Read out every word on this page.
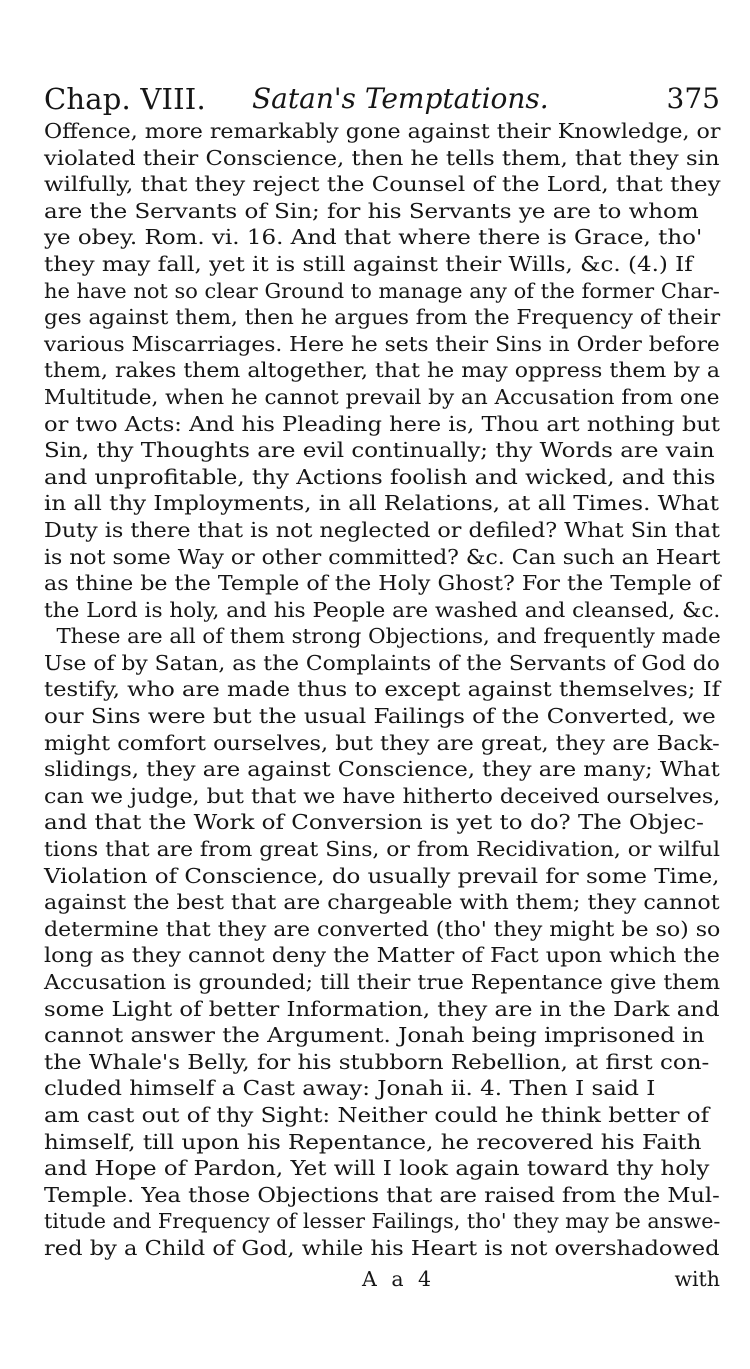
Chap. VIII. Satan's Temptations.	375
Offence, more remarkably gone against their Knowledge, or
violated their Conscience, then he tells them, that they sin
wilfully, that they reject the Counsel of the Lord, that they
are the Servants of Sin; for his Servants ye are to whom
ye obey. Rom. vi. 16. And that where there is Grace, tho'
they may fall, yet it is still against their Wills, &c. (4.) If
he have not so clear Ground to manage any of the former Char-
ges against them, then he argues from the Frequency of their
various Miscarriages. Here he sets their Sins in Order before
them, rakes them altogether, that he may oppress them by a
Multitude, when he cannot prevail by an Accusation from one
or two Acts: And his Pleading here is, Thou art nothing but
Sin, thy Thoughts are evil continually; thy Words are vain
and unprofitable, thy Actions foolish and wicked, and this
in all thy Imployments, in all Relations, at all Times. What
Duty is there that is not neglected or defiled? What Sin that
is not some Way or other committed? &c. Can such an Heart
as thine be the Temple of the Holy Ghost? For the Temple of
the Lord is holy, and his People are washed and cleansed, &c.
These are all of them strong Objections, and frequently made
Use of by Satan, as the Complaints of the Servants of God do
testify, who are made thus to except against themselves; If
our Sins were but the usual Failings of the Converted, we
might comfort ourselves, but they are great, they are Back-
slidings, they are against Conscience, they are many; What
can we judge, but that we have hitherto deceived ourselves,
and that the Work of Conversion is yet to do? The Objec-
tions that are from great Sins, or from Recidivation, or wilful
Violation of Conscience, do usually prevail for some Time,
against the best that are chargeable with them; they cannot
determine that they are converted (tho' they might be so) so
long as they cannot deny the Matter of Fact upon which the
Accusation is grounded; till their true Repentance give them
some Light of better Information, they are in the Dark and
cannot answer the Argument. Jonah being imprisoned in
the Whale's Belly, for his stubborn Rebellion, at first con-
cluded himself a Cast away: Jonah ii. 4. Then I said I
am cast out of thy Sight: Neither could he think better of
himself, till upon his Repentance, he recovered his Faith
and Hope of Pardon, Yet will I look again toward thy holy
Temple. Yea those Objections that are raised from the Mul-
titude and Frequency of lesser Failings, tho' they may be answe-
red by a Child of God, while his Heart is not overshadowed
A a 4	with
